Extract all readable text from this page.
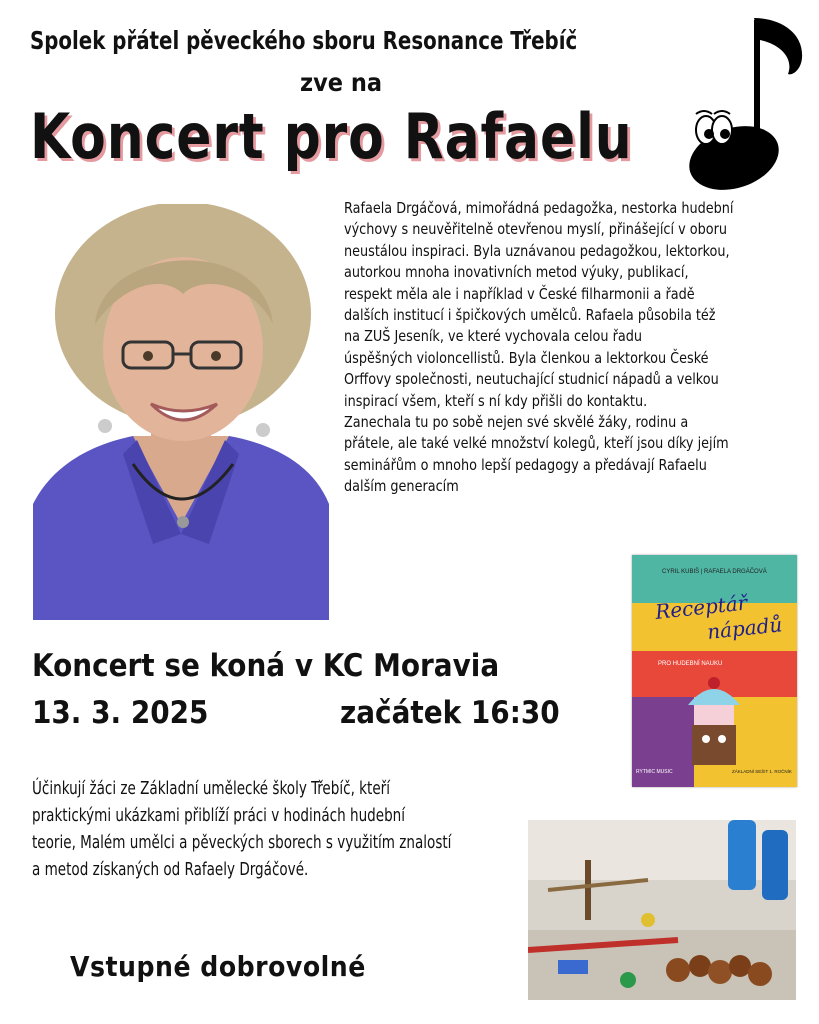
Spolek přátel pěveckého sboru Resonance Třebíč
zve na
Koncert pro Rafaelu

Rafaela Drgáčová, mimořádná pedagožka, nestorka hudební

výchovy s neuvěřitelně otevřenou myslí, přinášející v oboru

neustálou inspiraci. Byla uznávanou pedagožkou, lektorkou,

autorkou mnoha inovativních metod výuky, publikací,

respekt měla ale i například v České filharmonii a řadě

dalších institucí i špičkových umělců. Rafaela působila též

na ZUŠ Jeseník, ve které vychovala celou řadu

úspěšných violoncellistů. Byla členkou a lektorkou České

Orffovy společnosti, neutuchající studnicí nápadů a velkou

inspirací všem, kteří s ní kdy přišli do kontaktu.

Zanechala tu po sobě nejen své skvělé žáky, rodinu a

přátele, ale také velké množství kolegů, kteří jsou díky jejím

seminářům o mnoho lepší pedagogy a předávají Rafaelu

dalším generacím

CYRIL KUBIŠ | RAFAELA DRGÁČOVÁ
Receptář
nápadů
PRO HUDEBNÍ NAUKU
RYTMIC MUSIC	ZÁKLADNÍ SEŠIT 1. ROČNÍK
Koncert se koná v KC Moravia
13. 3. 2025	začátek 16:30

Účinkují žáci ze Základní umělecké školy Třebíč, kteří

praktickými ukázkami přiblíží práci v hodinách hudební

teorie, Malém umělci a pěveckých sborech s využitím znalostí

a metod získaných od Rafaely Drgáčové.

Vstupné dobrovolné
